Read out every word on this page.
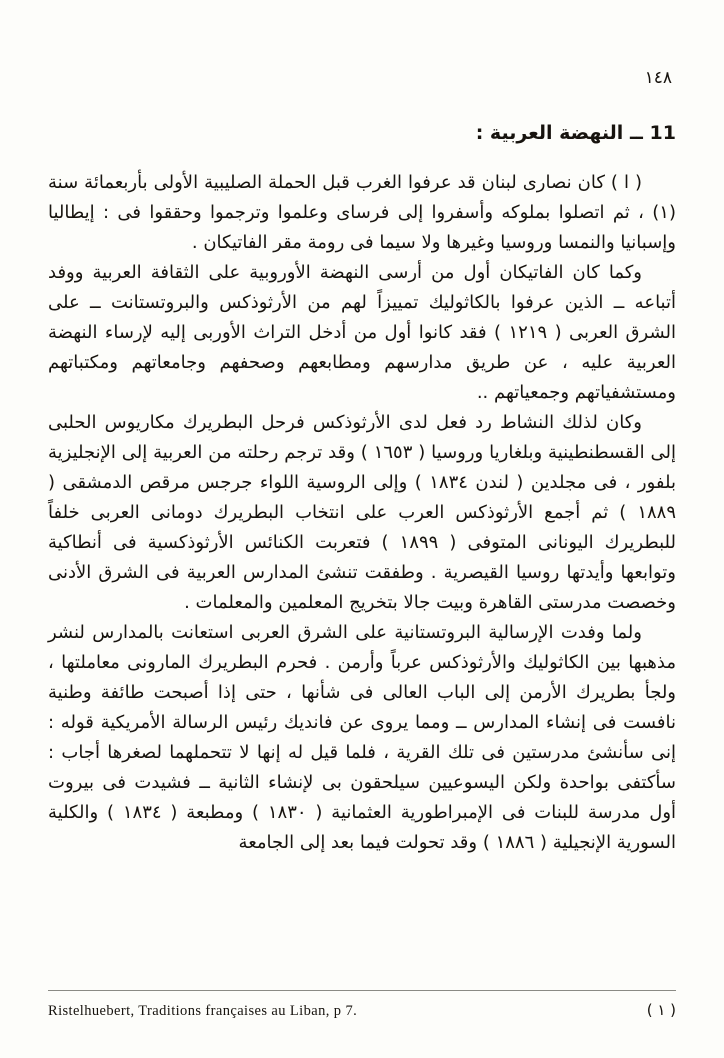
١٤٨
11 ــ النهضة العربية :

( ا ) كان نصارى لبنان قد عرفوا الغرب قبل الحملة الصليبية الأولى بأربعمائة سنة (١) ، ثم اتصلوا بملوكه وأسفروا إلى فرساى وعلموا وترجموا وحققوا فى : إيطاليا وإسبانيا والنمسا وروسيا وغيرها ولا سيما فى رومة مقر الفاتيكان .

وكما كان الفاتيكان أول من أرسى النهضة الأوروبية على الثقافة العربية ووفد أتباعه ــ الذين عرفوا بالكاثوليك تمييزاً لهم من الأرثوذكس والبروتستانت ــ على الشرق العربى ( ١٢١٩ ) فقد كانوا أول من أدخل التراث الأوربى إليه لإرساء النهضة العربية عليه ، عن طريق مدارسهم ومطابعهم وصحفهم وجامعاتهم ومكتباتهم ومستشفياتهم وجمعياتهم ..

وكان لذلك النشاط رد فعل لدى الأرثوذكس فرحل البطريرك مكاريوس الحلبى إلى القسطنطينية وبلغاريا وروسيا ( ١٦٥٣ ) وقد ترجم رحلته من العربية إلى الإنجليزية بلفور ، فى مجلدين ( لندن ١٨٣٤ ) وإلى الروسية اللواء جرجس مرقص الدمشقى ( ١٨٨٩ ) ثم أجمع الأرثوذكس العرب على انتخاب البطريرك دومانى العربى خلفاً للبطريرك اليونانى المتوفى ( ١٨٩٩ ) فتعربت الكنائس الأرثوذكسية فى أنطاكية وتوابعها وأيدتها روسيا القيصرية . وطفقت تنشئ المدارس العربية فى الشرق الأدنى وخصصت مدرستى القاهرة وبيت جالا بتخريج المعلمين والمعلمات .

ولما وفدت الإرسالية البروتستانية على الشرق العربى استعانت بالمدارس لنشر مذهبها بين الكاثوليك والأرثوذكس عرباً وأرمن . فحرم البطريرك المارونى معاملتها ، ولجأ بطريرك الأرمن إلى الباب العالى فى شأنها ، حتى إذا أصبحت طائفة وطنية نافست فى إنشاء المدارس ــ ومما يروى عن فانديك رئيس الرسالة الأمريكية قوله : إنى سأنشئ مدرستين فى تلك القرية ، فلما قيل له إنها لا تتحملهما لصغرها أجاب : سأكتفى بواحدة ولكن اليسوعيين سيلحقون بى لإنشاء الثانية ــ فشيدت فى بيروت أول مدرسة للبنات فى الإمبراطورية العثمانية ( ١٨٣٠ ) ومطبعة ( ١٨٣٤ ) والكلية السورية الإنجيلية ( ١٨٨٦ ) وقد تحولت فيما بعد إلى الجامعة

Ristelhuebert, Traditions françaises au Liban, p 7.	( ١ )
